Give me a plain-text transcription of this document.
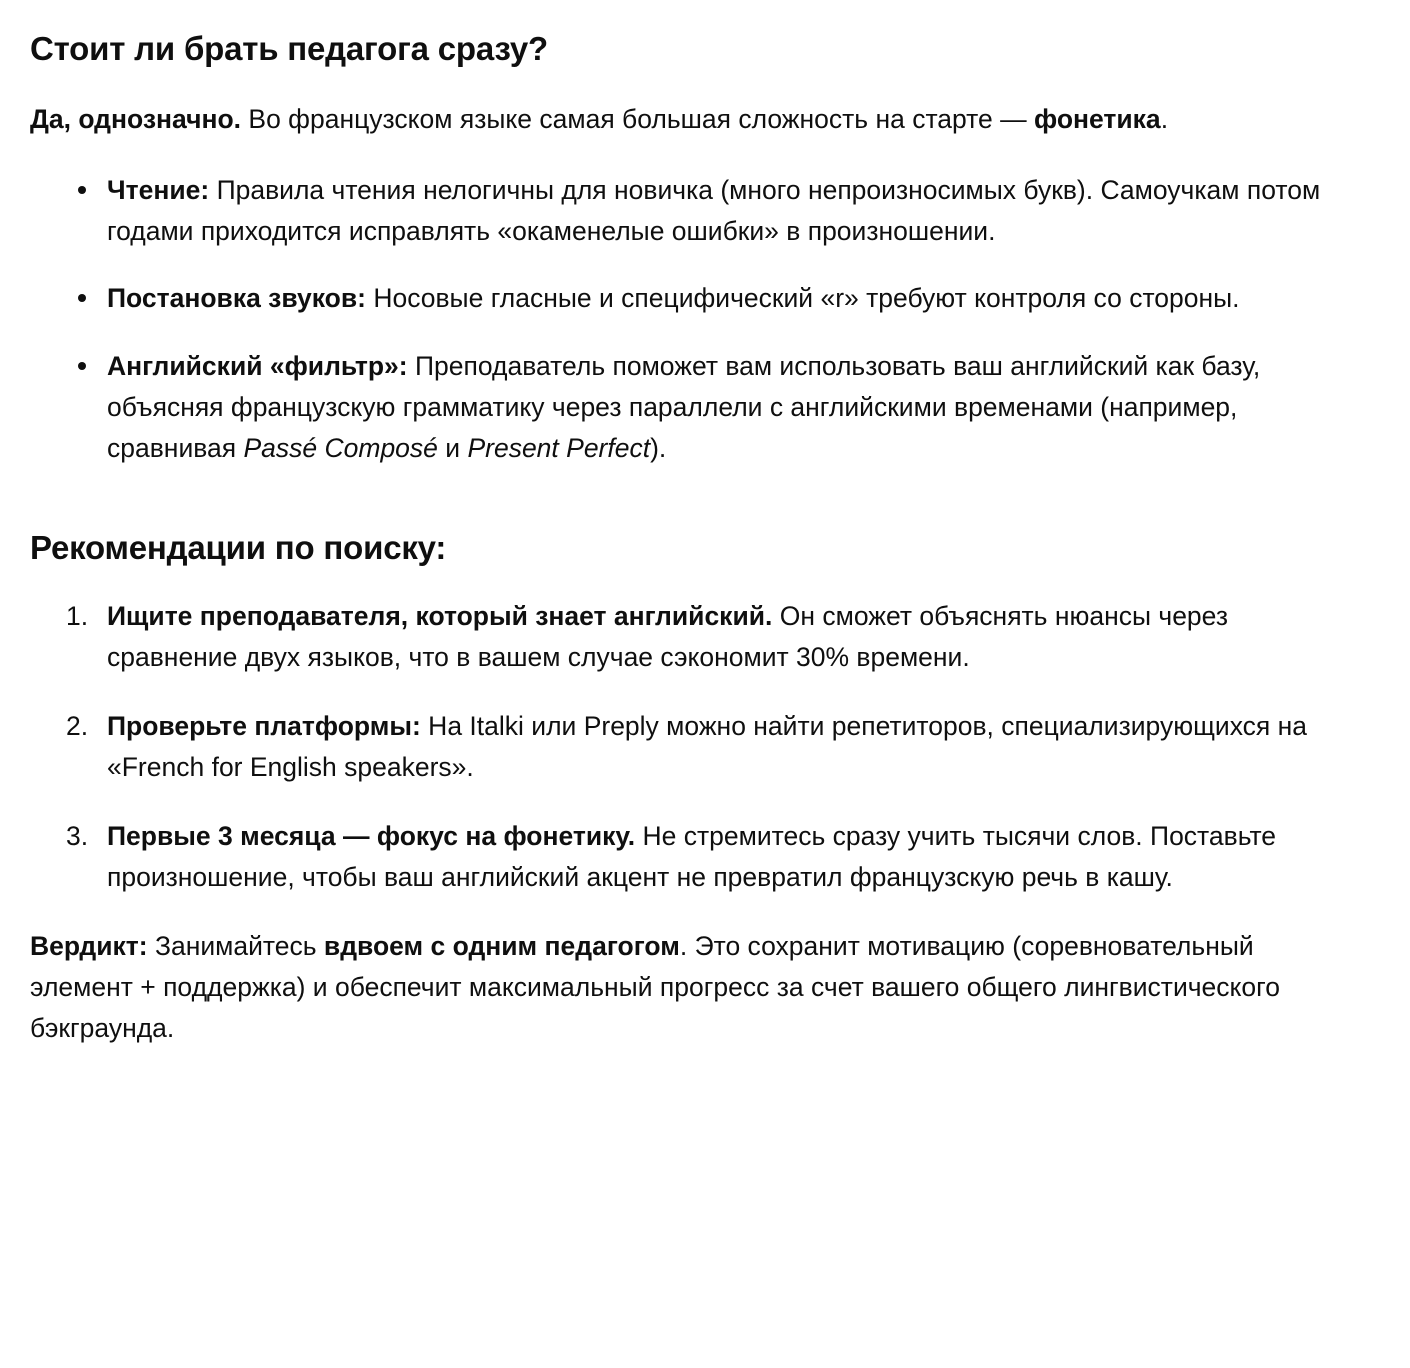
Стоит ли брать педагога сразу?

Да, однозначно. Во французском языке самая большая сложность на старте — фонетика.

Чтение: Правила чтения нелогичны для новичка (много непроизносимых букв). Самоучкам потом годами приходится исправлять «окаменелые ошибки» в произношении.
Постановка звуков: Носовые гласные и специфический «r» требуют контроля со стороны.
Английский «фильтр»: Преподаватель поможет вам использовать ваш английский как базу, объясняя французскую грамматику через параллели с английскими временами (например, сравнивая Passé Composé и Present Perfect).
Рекомендации по поиску:
Ищите преподавателя, который знает английский. Он сможет объяснять нюансы через сравнение двух языков, что в вашем случае сэкономит 30% времени.
Проверьте платформы: На Italki или Preply можно найти репетиторов, специализирующихся на «French for English speakers».
Первые 3 месяца — фокус на фонетику. Не стремитесь сразу учить тысячи слов. Поставьте произношение, чтобы ваш английский акцент не превратил французскую речь в кашу.

Вердикт: Занимайтесь вдвоем с одним педагогом. Это сохранит мотивацию (соревновательный элемент + поддержка) и обеспечит максимальный прогресс за счет вашего общего лингвистического бэкграунда.
